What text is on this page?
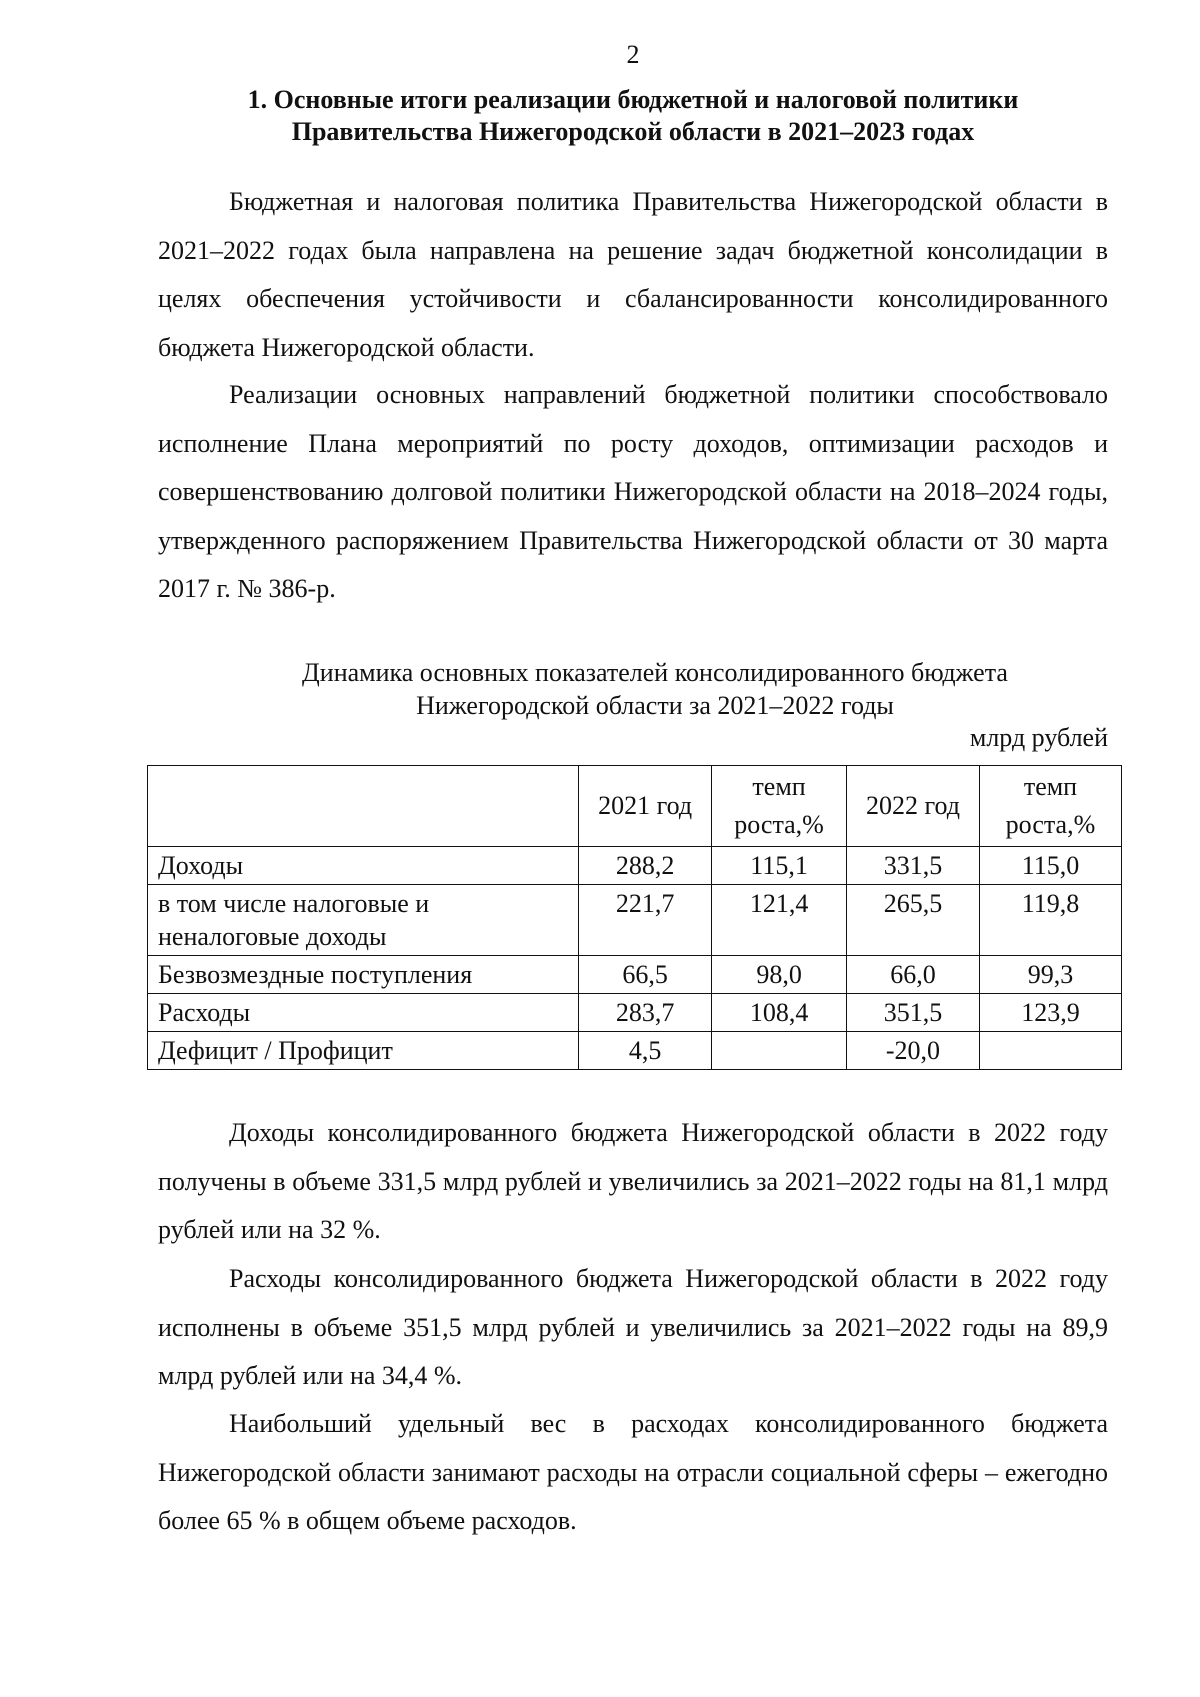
2
1. Основные итоги реализации бюджетной и налоговой политики
Правительства Нижегородской области в 2021–2023 годах

Бюджетная и налоговая политика Правительства Нижегородской области в 2021–2022 годах была направлена на решение задач бюджетной консолидации в целях обеспечения устойчивости и сбалансированности консолидированного бюджета Нижегородской области.

Реализации основных направлений бюджетной политики способствовало исполнение Плана мероприятий по росту доходов, оптимизации расходов и совершенствованию долговой политики Нижегородской области на 2018–2024 годы, утвержденного распоряжением Правительства Нижегородской области от 30 марта 2017 г. № 386-р.

Динамика основных показателей консолидированного бюджета
Нижегородской области за 2021–2022 годы
млрд рублей
	2021 год	темп роста,%	2022 год	темп роста,%
Доходы	288,2	115,1	331,5	115,0
в том числе налоговые и неналоговые доходы	221,7	121,4	265,5	119,8
Безвозмездные поступления	66,5	98,0	66,0	99,3
Расходы	283,7	108,4	351,5	123,9
Дефицит / Профицит	4,5		-20,0	

Доходы консолидированного бюджета Нижегородской области в 2022 году получены в объеме 331,5 млрд рублей и увеличились за 2021–2022 годы на 81,1 млрд рублей или на 32 %.

Расходы консолидированного бюджета Нижегородской области в 2022 году исполнены в объеме 351,5 млрд рублей и увеличились за 2021–2022 годы на 89,9 млрд рублей или на 34,4 %.

Наибольший удельный вес в расходах консолидированного бюджета Нижегородской области занимают расходы на отрасли социальной сферы – ежегодно более 65 % в общем объеме расходов.
